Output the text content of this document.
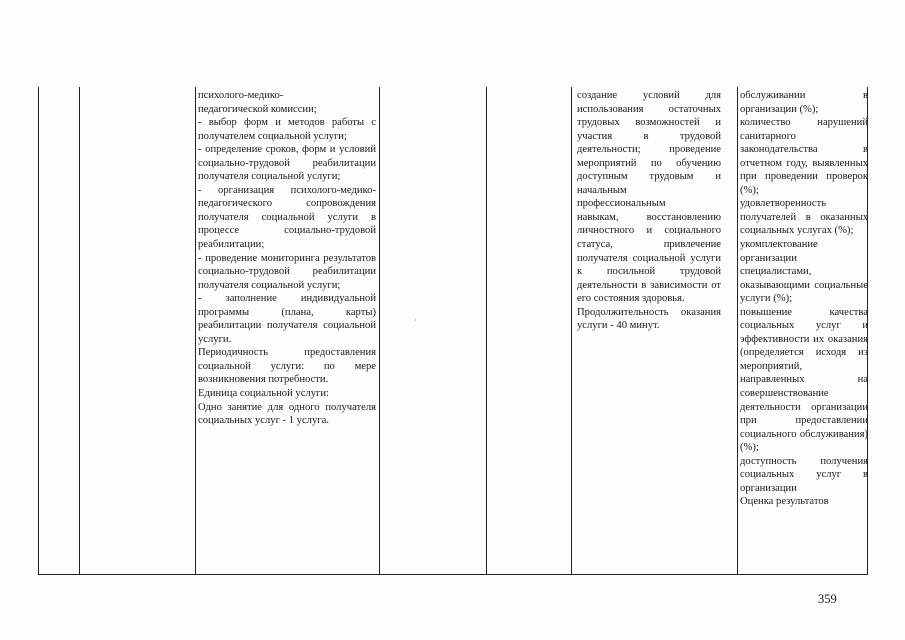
психолого-медико-
педагогической комиссии;
- выбор форм и методов работы с получателем социальной услуги;
- определение сроков, форм и условий социально-трудовой реабилитации получателя социальной услуги;
- организация психолого-медико-педагогического сопровождения получателя социальной услуги в процессе социально-трудовой реабилитации;
- проведение мониторинга результатов социально-трудовой реабилитации получателя социальной услуги;
- заполнение индивидуальной программы (плана, карты) реабилитации получателя социальной услуги.
Периодичность предоставления социальной услуги: по мере возникновения потребности.
Единица социальной услуги:
Одно занятие для одного получателя социальных услуг - 1 услуга.
·
создание условий для использования остаточных трудовых возможностей и участия в трудовой деятельности; проведение мероприятий по обучению доступным трудовым и начальным
профессиональным
навыкам, восстановлению личностного и социального статуса, привлечение получателя социальной услуги к посильной трудовой деятельности в зависимости от его состояния здоровья.
Продолжительность оказания услуги - 40 минут.
обслуживании в организации (%);
количество нарушений санитарного законодательства в отчетном году, выявленных при проведении проверок (%);
удовлетворенность получателей в оказанных социальных услугах (%);
укомплектование организации специалистами, оказывающими социальные услуги (%);
повышение качества социальных услуг и эффективности их оказания (определяется исходя из мероприятий, направленных на совершенствование деятельности организации при предоставлении социального обслуживания) (%);
доступность получения социальных услуг в организации
Оценка результатов
359
